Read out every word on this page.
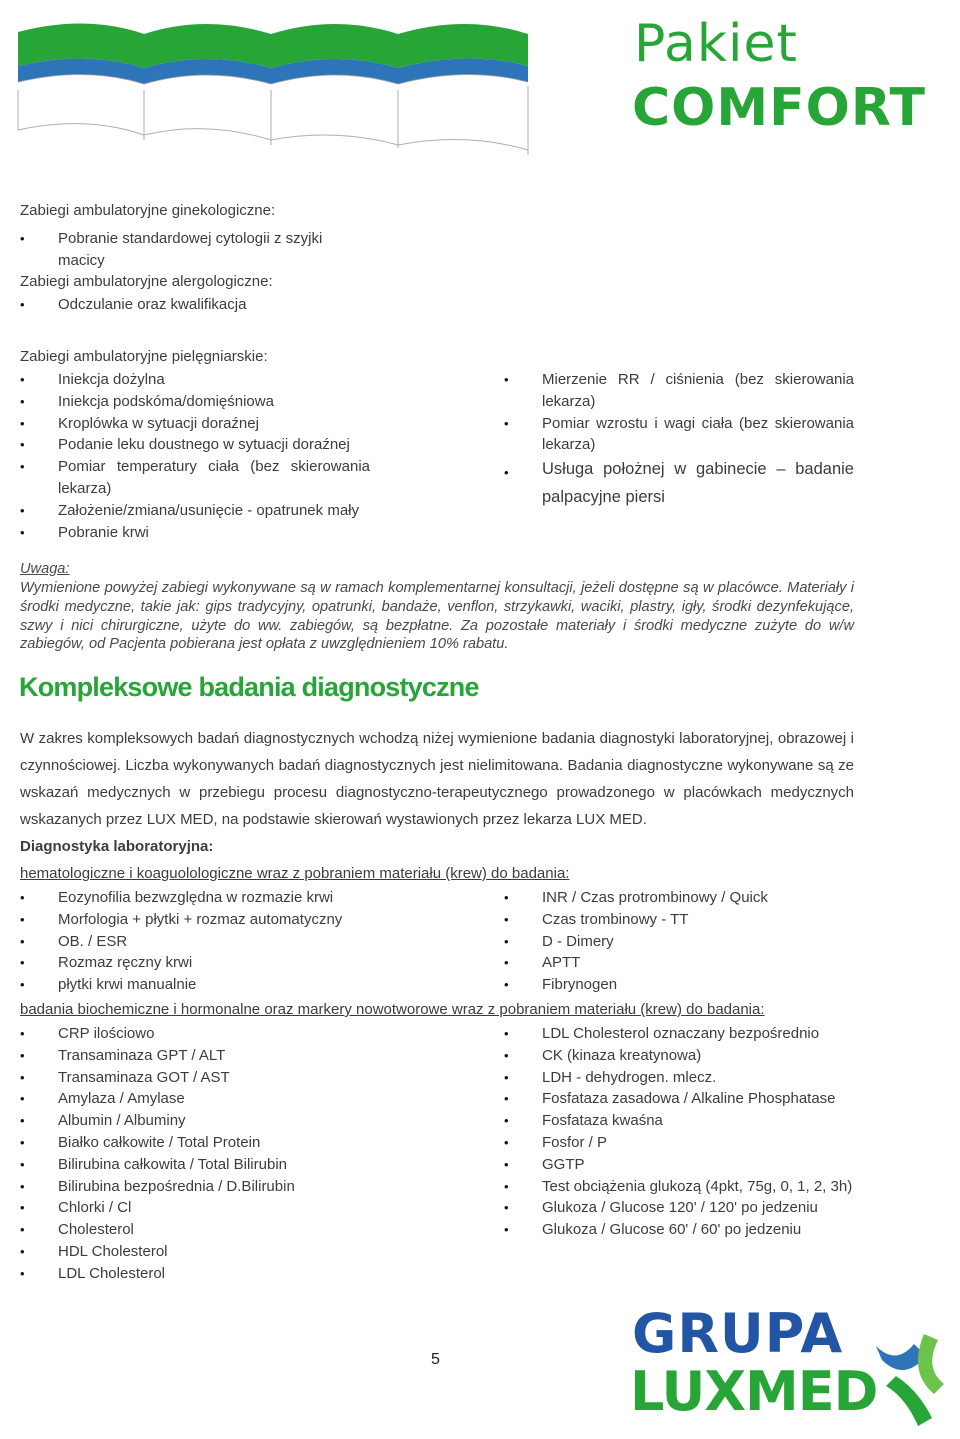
Pakiet
COMFORT
Zabiegi ambulatoryjne ginekologiczne:
• Pobranie standardowej cytologii z szyjki macicy
Zabiegi ambulatoryjne alergologiczne:
• Odczulanie oraz kwalifikacja
Zabiegi ambulatoryjne pielęgniarskie:
• Iniekcja dożylna
• Iniekcja podskóma/domięśniowa
• Kroplówka w sytuacji doraźnej
• Podanie leku doustnego w sytuacji doraźnej
• Pomiar temperatury ciała (bez skierowania lekarza)
• Założenie/zmiana/usunięcie - opatrunek mały
• Pobranie krwi
• Mierzenie RR / ciśnienia (bez skierowania lekarza)
• Pomiar wzrostu i wagi ciała (bez skierowania lekarza)
• Usługa położnej w gabinecie – badanie palpacyjne piersi
Uwaga:
Wymienione powyżej zabiegi wykonywane są w ramach komplementarnej konsultacji, jeżeli dostępne są w placówce. Materiały i środki medyczne, takie jak: gips tradycyjny, opatrunki, bandaże, venflon, strzykawki, waciki, plastry, igły, środki dezynfekujące, szwy i nici chirurgiczne, użyte do ww. zabiegów, są bezpłatne. Za pozostałe materiały i środki medyczne zużyte do w/w zabiegów, od Pacjenta pobierana jest opłata z uwzględnieniem 10% rabatu.
Kompleksowe badania diagnostyczne
W zakres kompleksowych badań diagnostycznych wchodzą niżej wymienione badania diagnostyki laboratoryjnej, obrazowej i czynnościowej. Liczba wykonywanych badań diagnostycznych jest nielimitowana. Badania diagnostyczne wykonywane są ze wskazań medycznych w przebiegu procesu diagnostyczno-terapeutycznego prowadzonego w placówkach medycznych wskazanych przez LUX MED, na podstawie skierowań wystawionych przez lekarza LUX MED.
Diagnostyka laboratoryjna:
hematologiczne i koaguolologiczne wraz z pobraniem materiału (krew) do badania:
• Eozynofilia bezwzględna w rozmazie krwi
• Morfologia + płytki + rozmaz automatyczny
• OB. / ESR
• Rozmaz ręczny krwi
• płytki krwi manualnie
• INR / Czas protrombinowy / Quick
• Czas trombinowy - TT
• D - Dimery
• APTT
• Fibrynogen
badania biochemiczne i hormonalne oraz markery nowotworowe wraz z pobraniem materiału (krew) do badania:
• CRP ilościowo
• Transaminaza GPT / ALT
• Transaminaza GOT / AST
• Amylaza / Amylase
• Albumin / Albuminy
• Białko całkowite / Total Protein
• Bilirubina całkowita / Total Bilirubin
• Bilirubina bezpośrednia / D.Bilirubin
• Chlorki / Cl
• Cholesterol
• HDL Cholesterol
• LDL Cholesterol
• LDL Cholesterol oznaczany bezpośrednio
• CK (kinaza kreatynowa)
• LDH - dehydrogen. mlecz.
• Fosfataza zasadowa / Alkaline Phosphatase
• Fosfataza kwaśna
• Fosfor / P
• GGTP
• Test obciążenia glukozą (4pkt, 75g, 0, 1, 2, 3h)
• Glukoza / Glucose 120' / 120' po jedzeniu
• Glukoza / Glucose 60' / 60' po jedzeniu
5	GRUPA
LUXMED
